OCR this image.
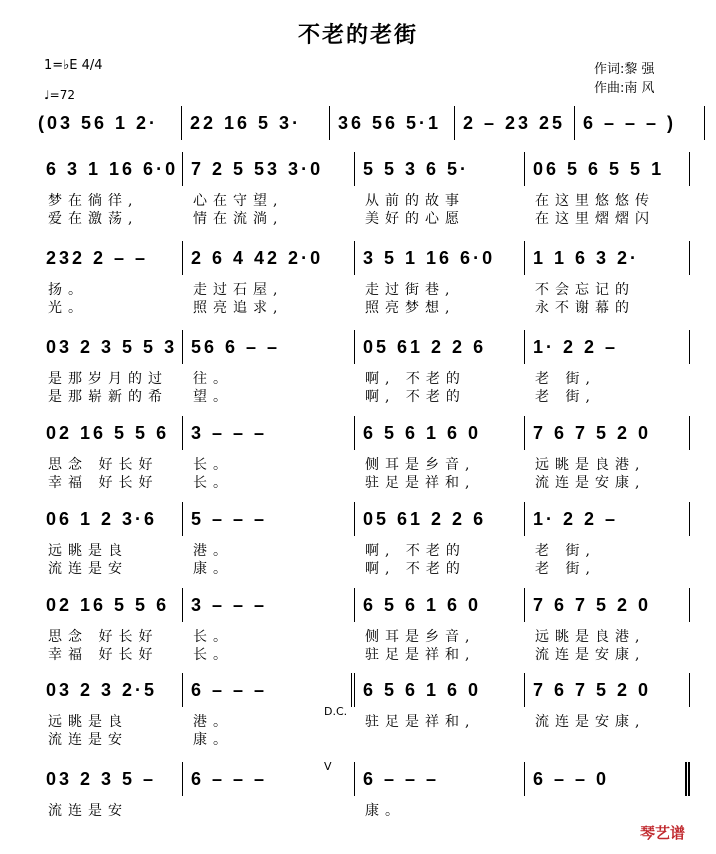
不老的老街
1=♭E 4/4
♩=72
作词:黎 强
作曲:南 风
(03 56 1 2·	22 16 5 3·	36 56 5·1	2 – 23 25 6 – – – )
6 3 1 16 6·0 7 2 5 53 3·0	5 5 3 6 5·	06 5 6 5 5 1
梦在徜徉,	心在守望,	从前的故事	在这里悠悠传
爱在激荡,	情在流淌,	美好的心愿	在这里熠熠闪
232 2 – –	2 6 4 42 2·0	3 5 1 16 6·0	1 1 6 3 2·
扬。	走过石屋,	走过街巷,	不会忘记的
光。	照亮追求,	照亮梦想,	永不谢幕的
03 2 3 5 5 3 56 6 – –	05 61 2 2 6	1· 2 2 –
是那岁月的过	往。	啊, 不老的	老 街,
是那崭新的希	望。	啊, 不老的	老 街,
02 16 5 5 6	3 – – –	6 5 6 1 6 0	7 6 7 5 2 0
思念 好长好	长。	侧耳是乡音,	远眺是良港,
幸福 好长好	长。	驻足是祥和,	流连是安康,
06 1 2 3·6	5 – – –	05 61 2 2 6	1· 2 2 –
远眺是良	港。	啊, 不老的	老 街,
流连是安	康。	啊, 不老的	老 街,
02 16 5 5 6	3 – – –	6 5 6 1 6 0	7 6 7 5 2 0
思念 好长好	长。	侧耳是乡音,	远眺是良港,
幸福 好长好	长。	驻足是祥和,	流连是安康,
03 2 3 2·5	6 – – –	6 5 6 1 6 0	7 6 7 5 2 0
远眺是良	港。	驻足是祥和,	流连是安康,
流连是安	康。
03 2 3 5 –	6 – – –	6 – – –	6 – – 0
流连是安	康。
D.C.
V
琴艺谱
